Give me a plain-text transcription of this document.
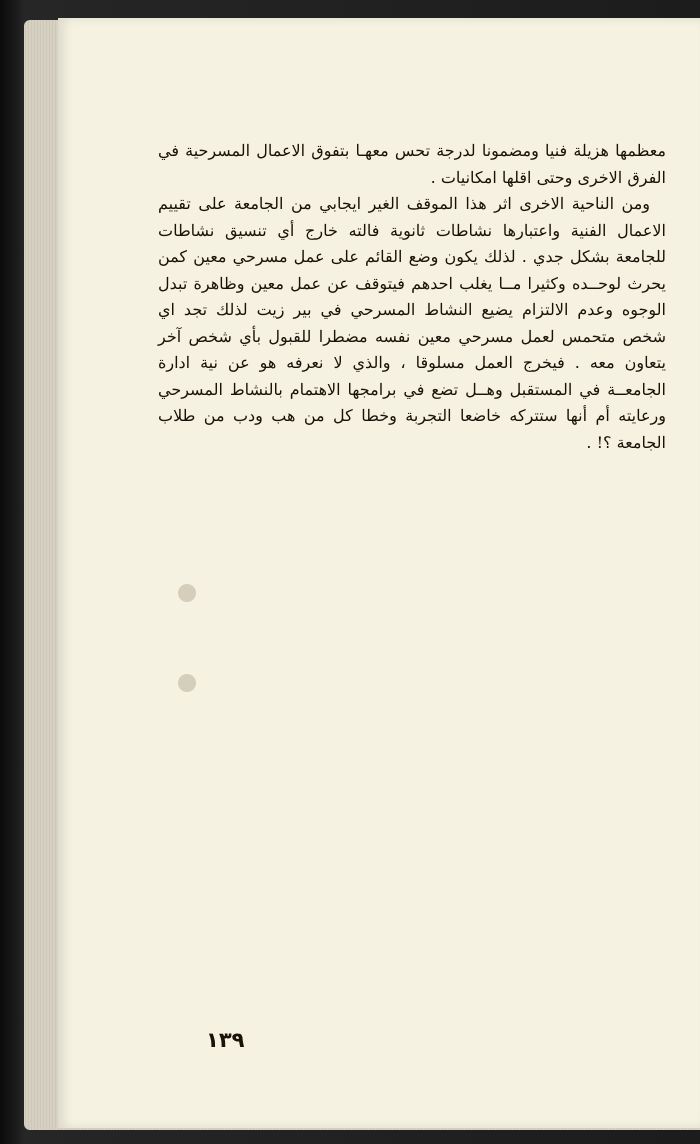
معظمها هزيلة فنيا ومضمونا لدرجة تحس معهـا بتفوق الاعمال المسرحية في الفرق الاخرى وحتى اقلها امكانيات .

ومن الناحية الاخرى اثر هذا الموقف الغير ايجابي من الجامعة على تقييم الاعمال الفنية واعتبارها نشاطات ثانوية فالته خارج أي تنسيق نشاطات للجامعة بشكل جدي . لذلك يكون وضع القائم على عمل مسرحي معين كمن يحرث لوحــده وكثيرا مــا يغلب احدهم فيتوقف عن عمل معين وظاهرة تبدل الوجوه وعدم الالتزام يضيع النشاط المسرحي في بير زيت لذلك تجد اي شخص متحمس لعمل مسرحي معين نفسه مضطرا للقبول بأي شخص آخر يتعاون معه . فيخرج العمل مسلوقا ، والذي لا نعرفه هو عن نية ادارة الجامعــة في المستقبل وهــل تضع في برامجها الاهتمام بالنشاط المسرحي ورعايته أم أنها ستتركه خاضعا التجربة وخطا كل من هب ودب من طلاب الجامعة ؟! .

١٣٩
